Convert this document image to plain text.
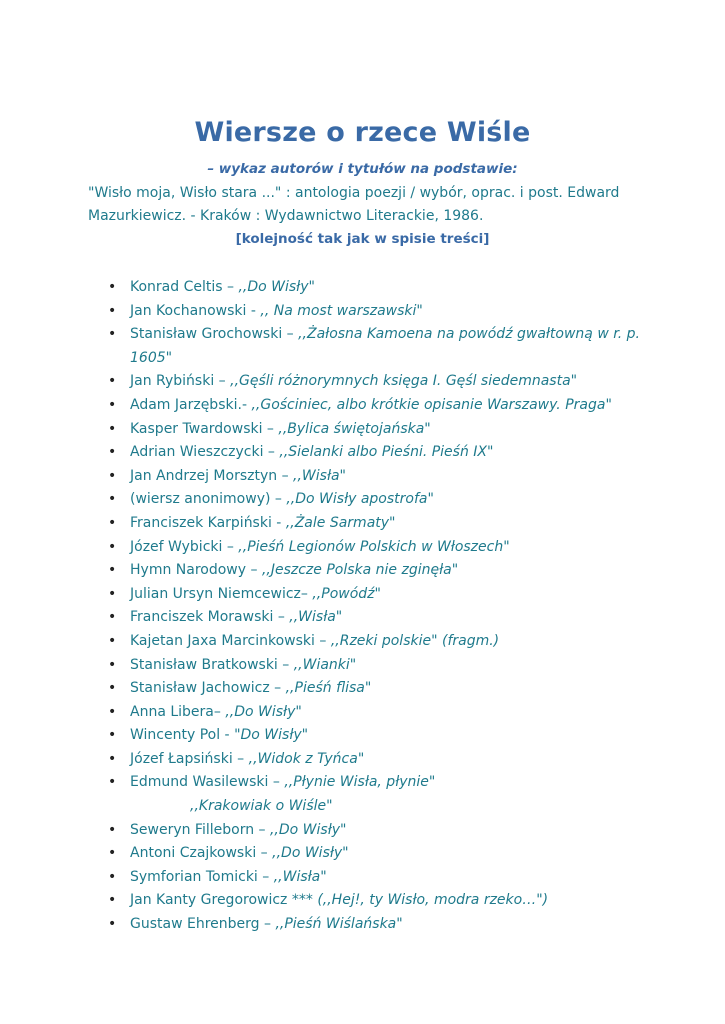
Wiersze o rzece Wiśle
– wykaz autorów i tytułów na podstawie:
"Wisło moja, Wisło stara ..." : antologia poezji / wybór, oprac. i post. Edward Mazurkiewicz. - Kraków : Wydawnictwo Literackie, 1986.
[kolejność tak jak w spisie treści]
• Konrad Celtis – ,,Do Wisły"
• Jan Kochanowski - ,, Na most warszawski"
• Stanisław Grochowski – ,,Żałosna Kamoena na powódź gwałtowną w r. p. 1605"
• Jan Rybiński – ,,Gęśli różnorymnych księga I. Gęśl siedemnasta"
• Adam Jarzębski.- ,,Gościniec, albo krótkie opisanie Warszawy. Praga"
• Kasper Twardowski – ,,Bylica świętojańska"
• Adrian Wieszczycki – ,,Sielanki albo Pieśni. Pieśń IX"
• Jan Andrzej Morsztyn – ,,Wisła"
• (wiersz anonimowy) – ,,Do Wisły apostrofa"
• Franciszek Karpiński - ,,Żale Sarmaty"
• Józef Wybicki – ,,Pieśń Legionów Polskich w Włoszech"
• Hymn Narodowy – ,,Jeszcze Polska nie zginęła"
• Julian Ursyn Niemcewicz– ,,Powódź"
• Franciszek Morawski – ,,Wisła"
• Kajetan Jaxa Marcinkowski – ,,Rzeki polskie" (fragm.)
• Stanisław Bratkowski – ,,Wianki"
• Stanisław Jachowicz – ,,Pieśń flisa"
• Anna Libera– ,,Do Wisły"
• Wincenty Pol - "Do Wisły"
• Józef Łapsiński – ,,Widok z Tyńca"
• Edmund Wasilewski – ,,Płynie Wisła, płynie"
,,Krakowiak o Wiśle"
• Seweryn Filleborn – ,,Do Wisły"
• Antoni Czajkowski – ,,Do Wisły"
• Symforian Tomicki – ,,Wisła"
• Jan Kanty Gregorowicz *** (,,Hej!, ty Wisło, modra rzeko…")
• Gustaw Ehrenberg – ,,Pieśń Wiślańska"
